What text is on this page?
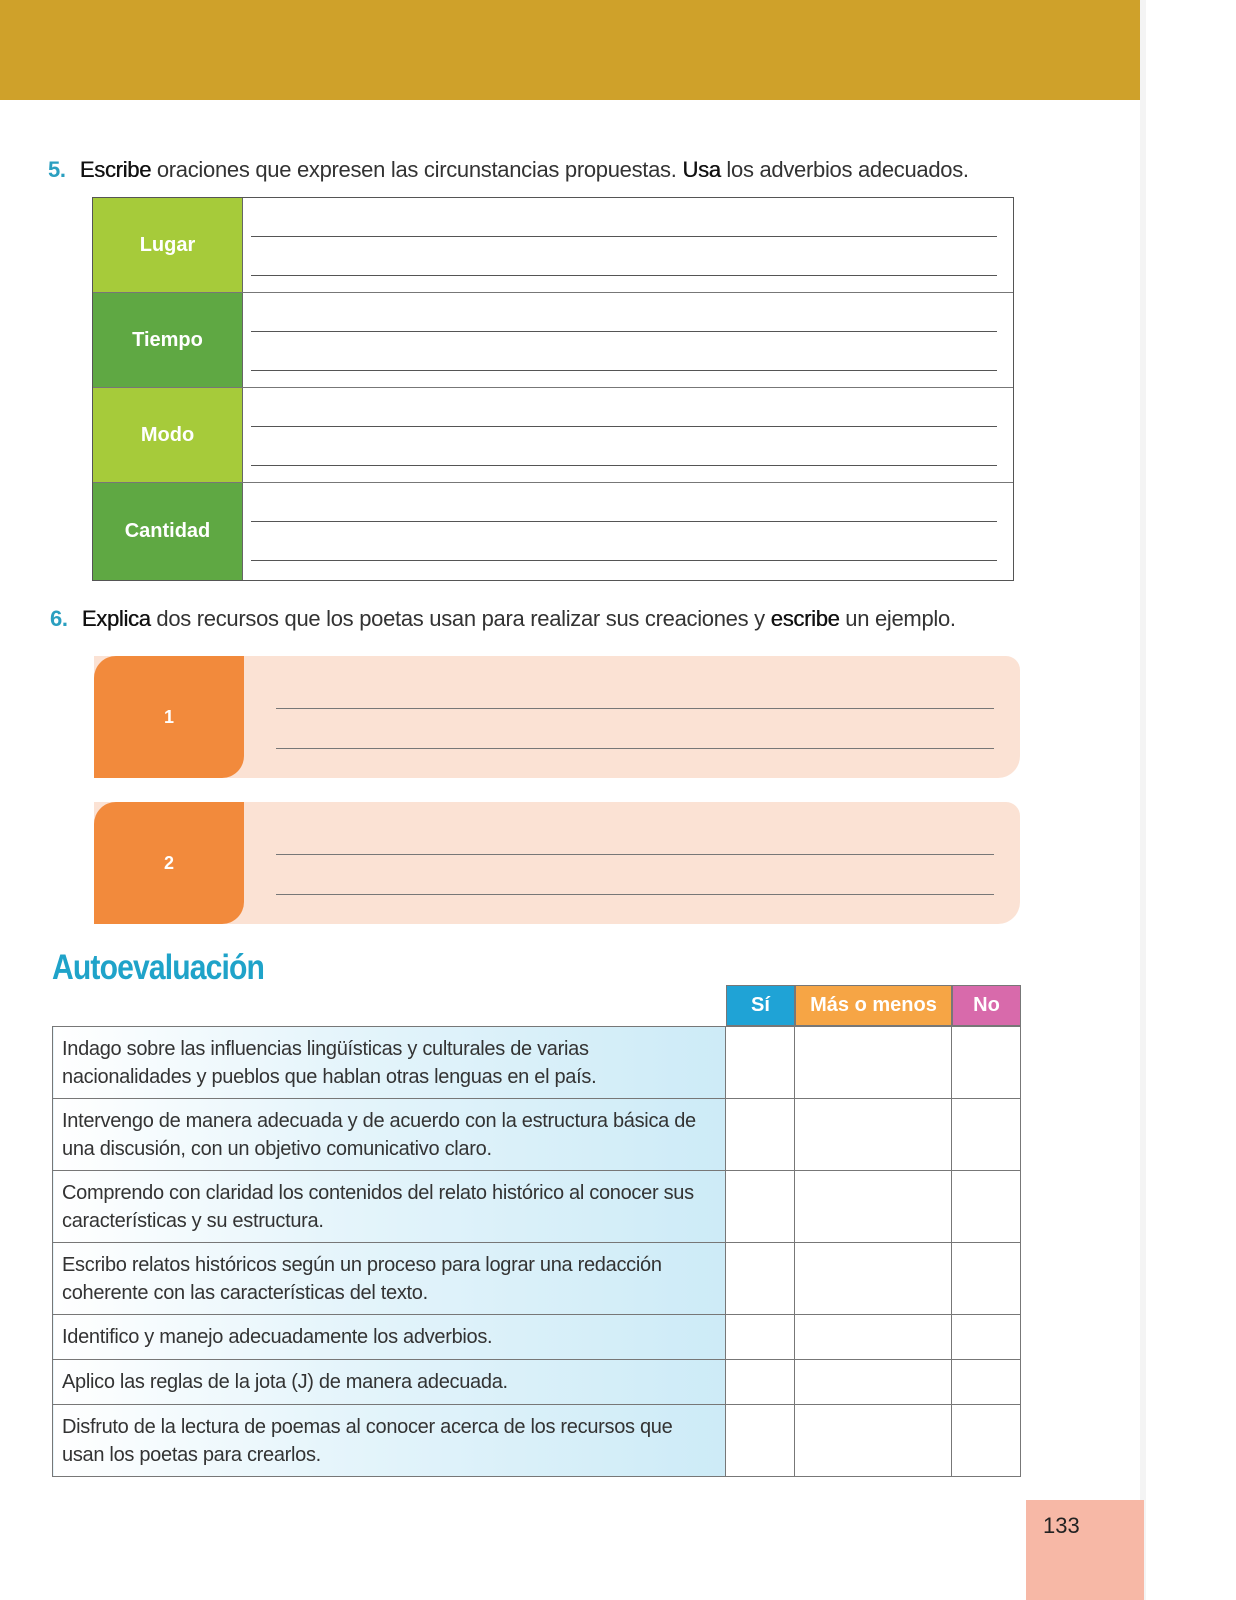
5. Escribe oraciones que expresen las circunstancias propuestas. Usa los adverbios adecuados.
Lugar
Tiempo
Modo
Cantidad
6. Explica dos recursos que los poetas usan para realizar sus creaciones y escribe un ejemplo.
1
2
Autoevaluación
Sí	Más o menos	No
Indago sobre las influencias lingüísticas y culturales de varias nacionalidades y pueblos que hablan otras lenguas en el país.			
Intervengo de manera adecuada y de acuerdo con la estructura básica de una discusión, con un objetivo comunicativo claro.			
Comprendo con claridad los contenidos del relato histórico al conocer sus características y su estructura.			
Escribo relatos históricos según un proceso para lograr una redacción coherente con las características del texto.			
Identifico y manejo adecuadamente los adverbios.			
Aplico las reglas de la jota (J) de manera adecuada.			
Disfruto de la lectura de poemas al conocer acerca de los recursos que usan los poetas para crearlos.			
133
